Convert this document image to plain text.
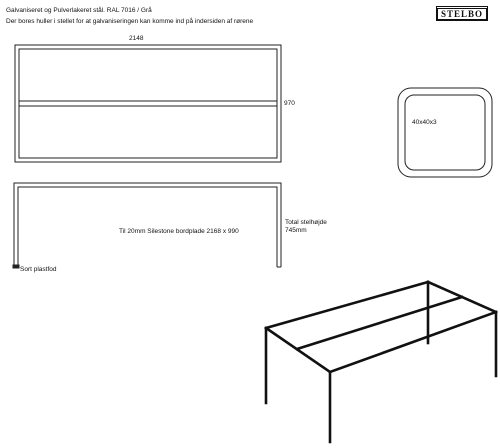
Galvaniseret og Pulverlakeret stål. RAL 7016 / Grå
Der bores huller i stellet for at galvaniseringen kan komme ind på indersiden af rørene
STELBO
2148
970
40x40x3
Til 20mm Silestone bordplade 2168 x 990
Total stelhøjde
745mm
Sort plastfod
